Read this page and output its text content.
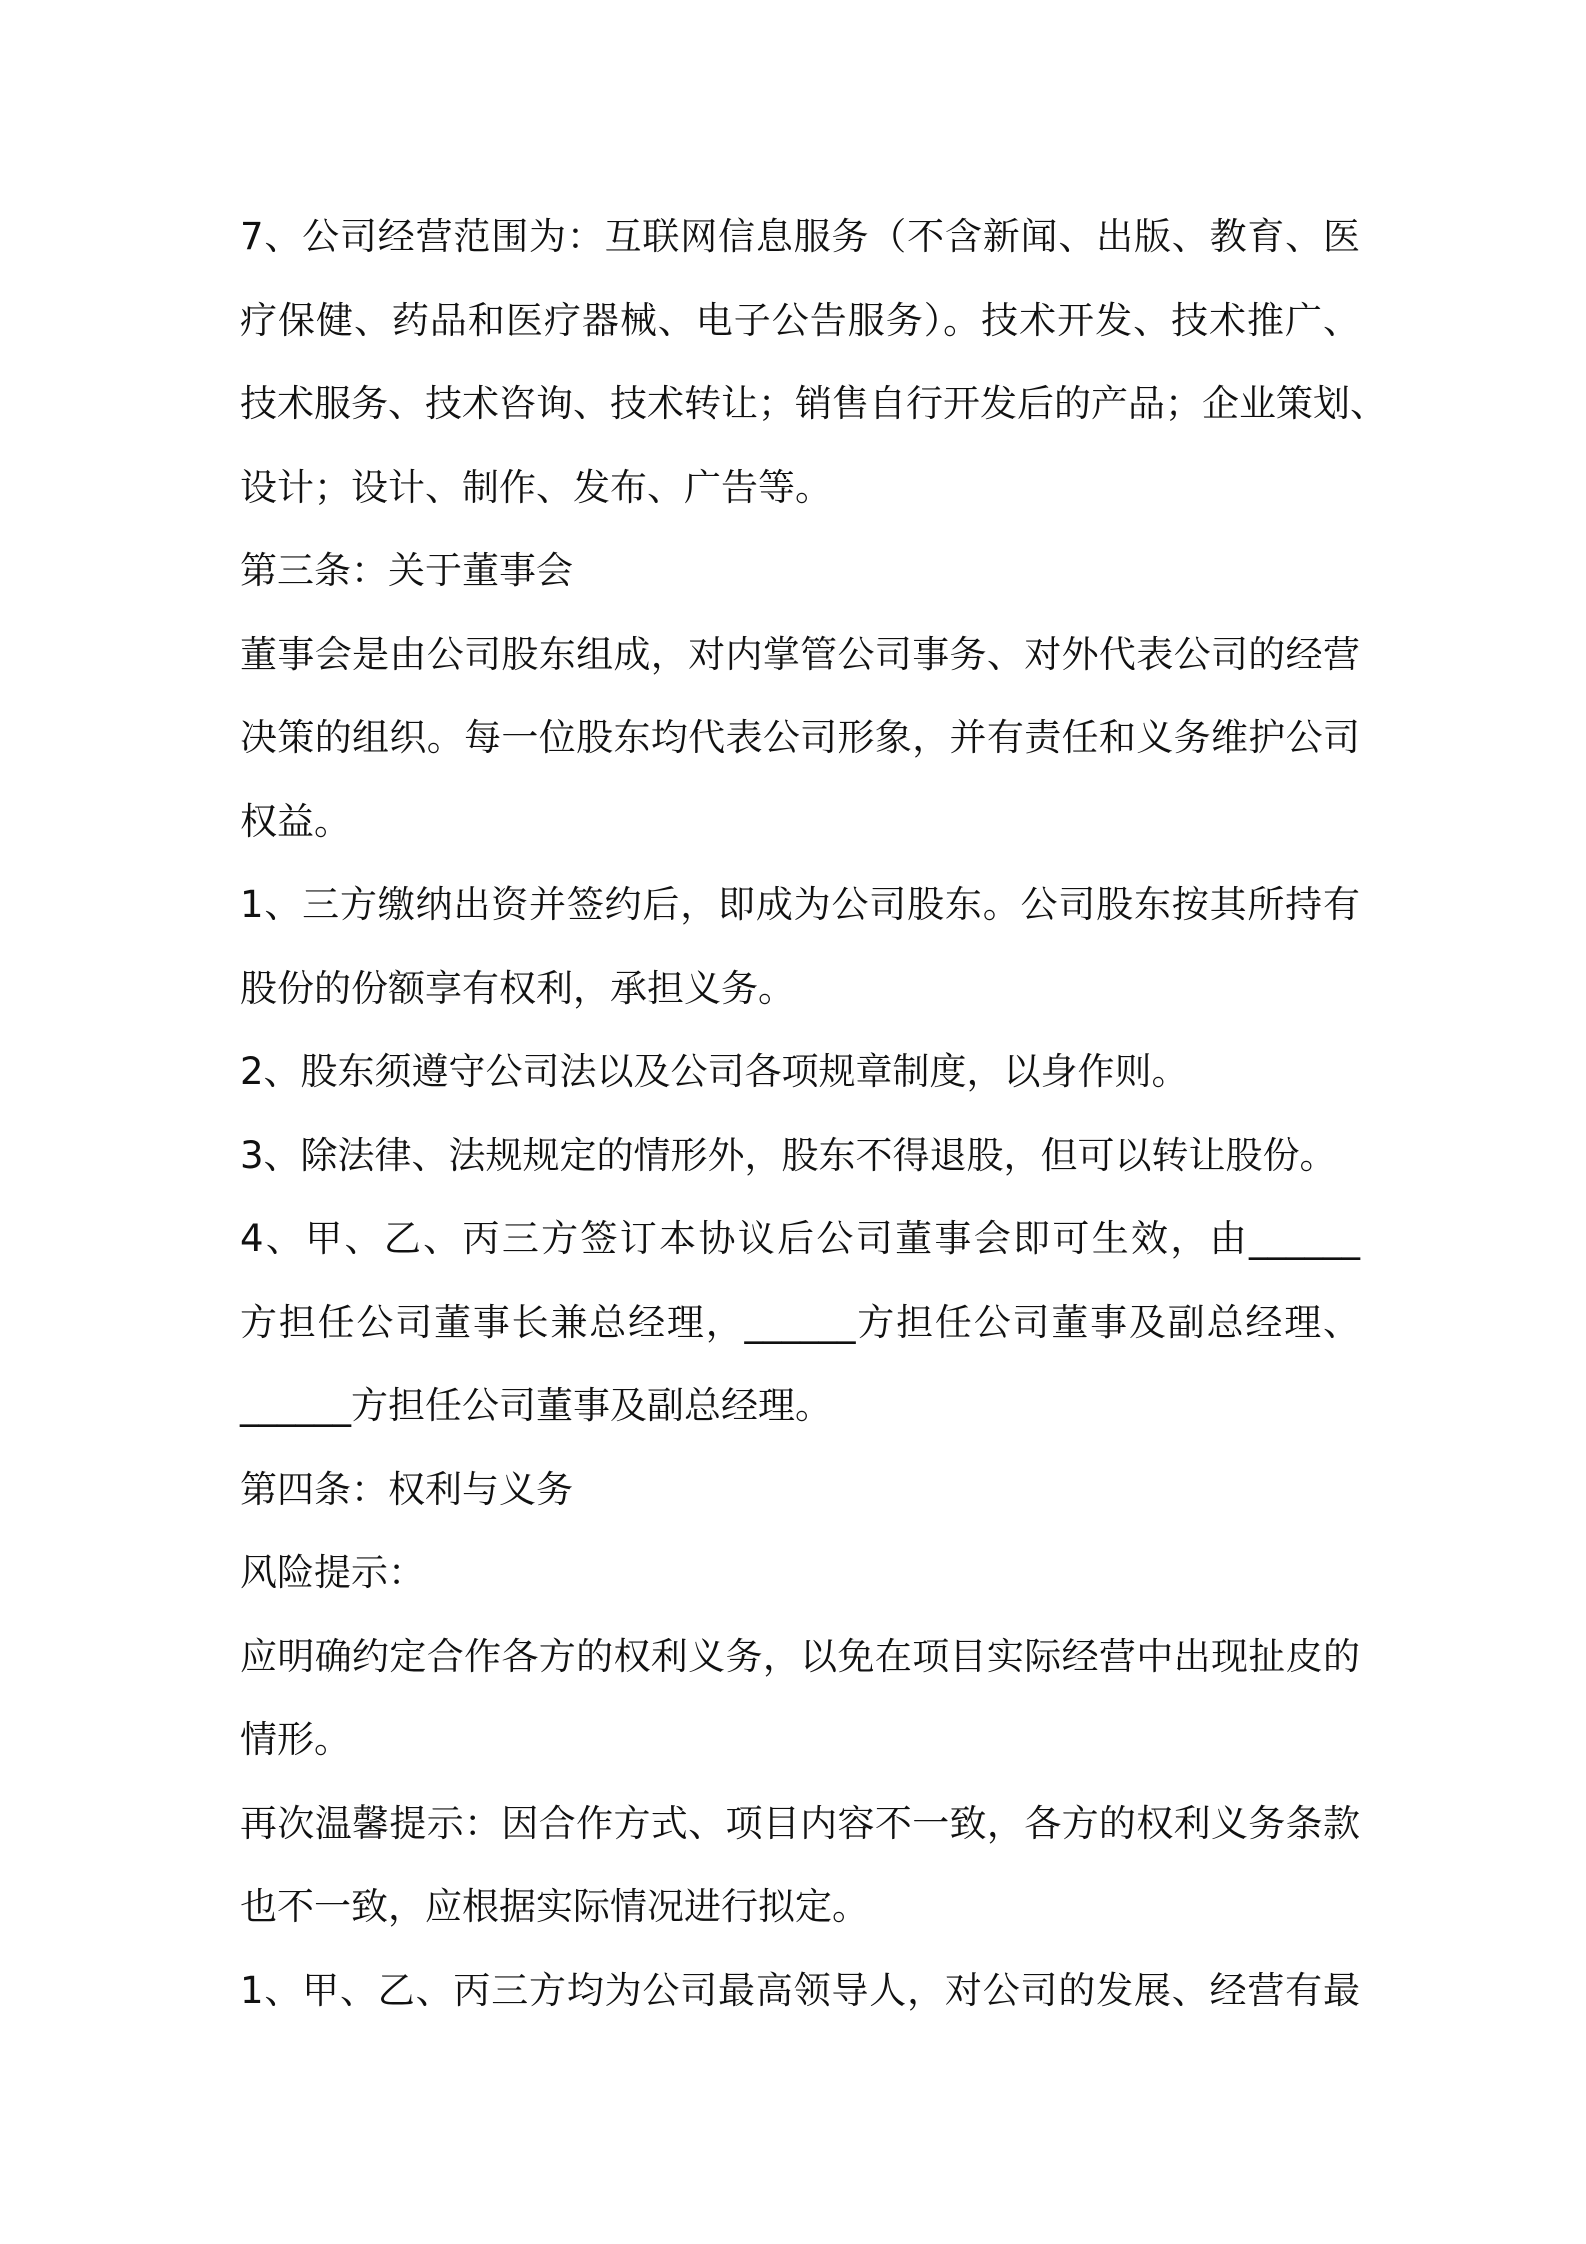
7、公司经营范围为：互联网信息服务（不含新闻、出版、教育、医
疗保健、药品和医疗器械、电子公告服务）。技术开发、技术推广、
技术服务、技术咨询、技术转让；销售自行开发后的产品；企业策划、
设计；设计、制作、发布、广告等。
第三条：关于董事会
董事会是由公司股东组成，对内掌管公司事务、对外代表公司的经营
决策的组织。每一位股东均代表公司形象，并有责任和义务维护公司
权益。
1、三方缴纳出资并签约后，即成为公司股东。公司股东按其所持有
股份的份额享有权利，承担义务。
2、股东须遵守公司法以及公司各项规章制度，以身作则。
3、除法律、法规规定的情形外，股东不得退股，但可以转让股份。
4、甲、乙、丙三方签订本协议后公司董事会即可生效，由______
方担任公司董事长兼总经理，______方担任公司董事及副总经理、
______方担任公司董事及副总经理。
第四条：权利与义务
风险提示：
应明确约定合作各方的权利义务，以免在项目实际经营中出现扯皮的
情形。
再次温馨提示：因合作方式、项目内容不一致，各方的权利义务条款
也不一致，应根据实际情况进行拟定。
1、甲、乙、丙三方均为公司最高领导人，对公司的发展、经营有最
